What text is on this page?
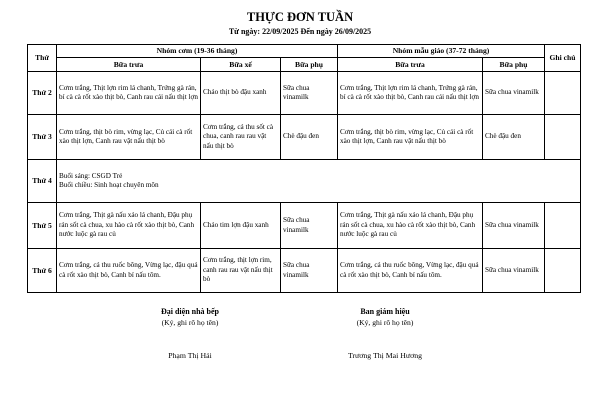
THỰC ĐƠN TUẦN
Từ ngày: 22/09/2025 Đến ngày 26/09/2025
Thứ	Nhóm cơm (19-36 tháng)			Nhóm mẫu giáo (37-72 tháng)		Ghi chú
	Bữa trưa	Bữa xế	Bữa phụ	Bữa trưa	Bữa phụ	
Thứ 2	Cơm trắng, Thịt lợn rim lá chanh, Trứng gà rán, bí cà cà rốt xào thịt bò, Canh rau cải nấu thịt lợn	Cháo thịt bò đậu xanh	Sữa chua vinamilk	Cơm trắng, Thịt lợn rim lá chanh, Trứng gà rán, bí cà cà rốt xào thịt bò, Canh rau cải nấu thịt lợn	Sữa chua vinamilk	
Thứ 3	Cơm trắng, thịt bò rim, vừng lạc, Củ cải cà rốt xào thịt lợn, Canh rau vặt nấu thịt bò	Cơm trắng, cá thu sốt cà chua, canh rau rau vặt nấu thịt bò	Chè đậu đen	Cơm trắng, thịt bò rim, vừng lạc, Củ cải cà rốt xào thịt lợn, Canh rau vặt nấu thịt bò	Chè đậu đen	
Thứ 4	Buổi sáng: CSGD Trẻ
Buổi chiều: Sinh hoạt chuyên môn					

Thứ 5	Cơm trắng, Thịt gà nấu xáo lá chanh, Đậu phụ rán sốt cà chua, xu hào cà rốt xào thịt bò, Canh nước luộc gà rau củ	Cháo tim lợn đậu xanh	Sữa chua vinamilk	Cơm trắng, Thịt gà nấu xáo lá chanh, Đậu phụ rán sốt cà chua, xu hào cà rốt xào thịt bò, Canh nước luộc gà rau củ	Sữa chua vinamilk	
Thứ 6	Cơm trắng, cá thu ruốc bông, Vừng lạc, đậu quả cà rốt xào thịt bò, Canh bí nấu tôm.	Cơm trắng, thịt lợn rim, canh rau rau vặt nấu thịt bò	Sữa chua vinamilk	Cơm trắng, cá thu ruốc bông, Vừng lạc, đậu quả cà rốt xào thịt bò, Canh bí nấu tôm.	Sữa chua vinamilk	
Đại diện nhà bếp
(Ký, ghi rõ họ tên)
Ban giám hiệu
(Ký, ghi rõ họ tên)
Phạm Thị Hải	Trương Thị Mai Hương
